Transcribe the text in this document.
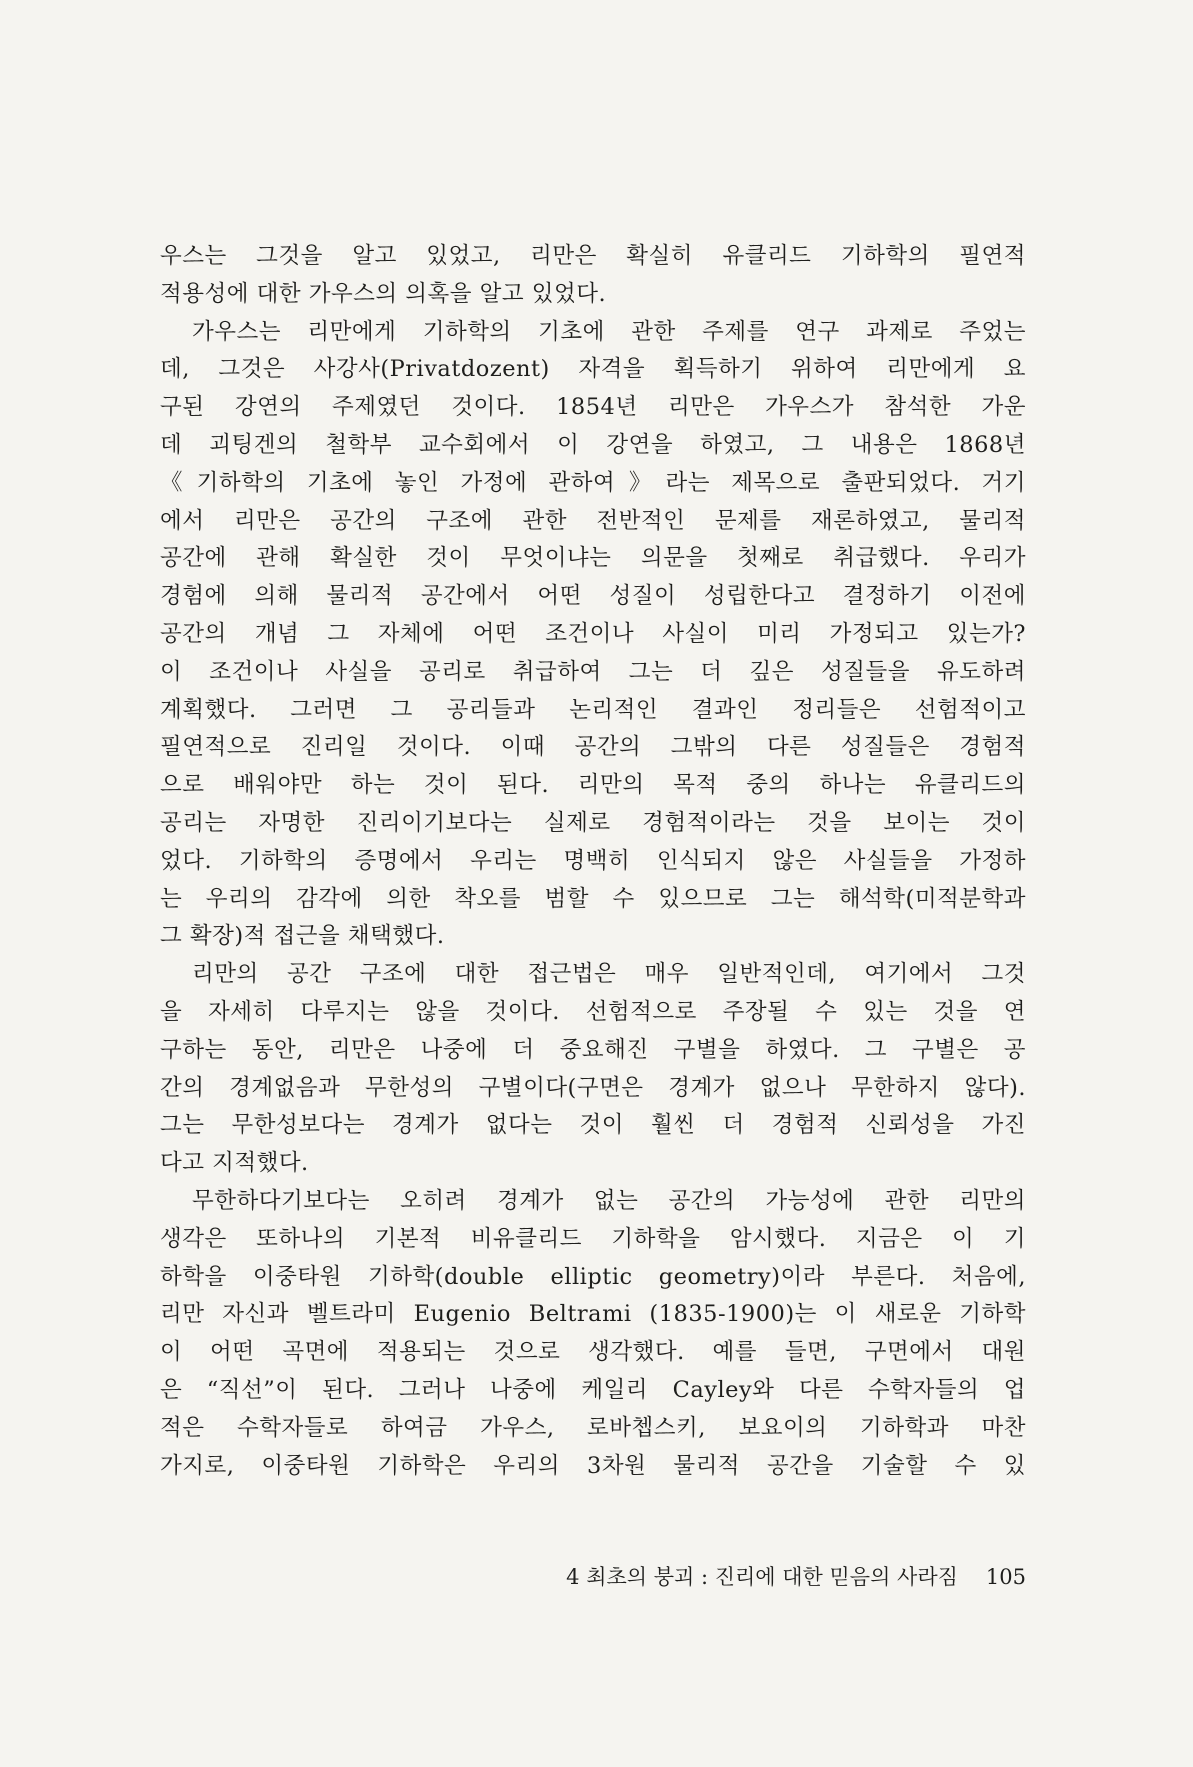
우스는 그것을 알고 있었고, 리만은 확실히 유클리드 기하학의 필연적
적용성에 대한 가우스의 의혹을 알고 있었다.
가우스는 리만에게 기하학의 기초에 관한 주제를 연구 과제로 주었는
데, 그것은 사강사(Privatdozent) 자격을 획득하기 위하여 리만에게 요
구된 강연의 주제였던 것이다. 1854년 리만은 가우스가 참석한 가운
데 괴팅겐의 철학부 교수회에서 이 강연을 하였고, 그 내용은 1868년
《기하학의 기초에 놓인 가정에 관하여》라는 제목으로 출판되었다. 거기
에서 리만은 공간의 구조에 관한 전반적인 문제를 재론하였고, 물리적
공간에 관해 확실한 것이 무엇이냐는 의문을 첫째로 취급했다. 우리가
경험에 의해 물리적 공간에서 어떤 성질이 성립한다고 결정하기 이전에
공간의 개념 그 자체에 어떤 조건이나 사실이 미리 가정되고 있는가?
이 조건이나 사실을 공리로 취급하여 그는 더 깊은 성질들을 유도하려
계획했다. 그러면 그 공리들과 논리적인 결과인 정리들은 선험적이고
필연적으로 진리일 것이다. 이때 공간의 그밖의 다른 성질들은 경험적
으로 배워야만 하는 것이 된다. 리만의 목적 중의 하나는 유클리드의
공리는 자명한 진리이기보다는 실제로 경험적이라는 것을 보이는 것이
었다. 기하학의 증명에서 우리는 명백히 인식되지 않은 사실들을 가정하
는 우리의 감각에 의한 착오를 범할 수 있으므로 그는 해석학(미적분학과
그 확장)적 접근을 채택했다.
리만의 공간 구조에 대한 접근법은 매우 일반적인데, 여기에서 그것
을 자세히 다루지는 않을 것이다. 선험적으로 주장될 수 있는 것을 연
구하는 동안, 리만은 나중에 더 중요해진 구별을 하였다. 그 구별은 공
간의 경계없음과 무한성의 구별이다(구면은 경계가 없으나 무한하지 않다).
그는 무한성보다는 경계가 없다는 것이 훨씬 더 경험적 신뢰성을 가진
다고 지적했다.
무한하다기보다는 오히려 경계가 없는 공간의 가능성에 관한 리만의
생각은 또하나의 기본적 비유클리드 기하학을 암시했다. 지금은 이 기
하학을 이중타원 기하학(double elliptic geometry)이라 부른다. 처음에,
리만 자신과 벨트라미 Eugenio Beltrami (1835-1900)는 이 새로운 기하학
이 어떤 곡면에 적용되는 것으로 생각했다. 예를 들면, 구면에서 대원
은 “직선”이 된다. 그러나 나중에 케일리 Cayley와 다른 수학자들의 업
적은 수학자들로 하여금 가우스, 로바쳅스키, 보요이의 기하학과 마찬
가지로, 이중타원 기하학은 우리의 3차원 물리적 공간을 기술할 수 있
4 최초의 붕괴 : 진리에 대한 믿음의 사라짐 105
